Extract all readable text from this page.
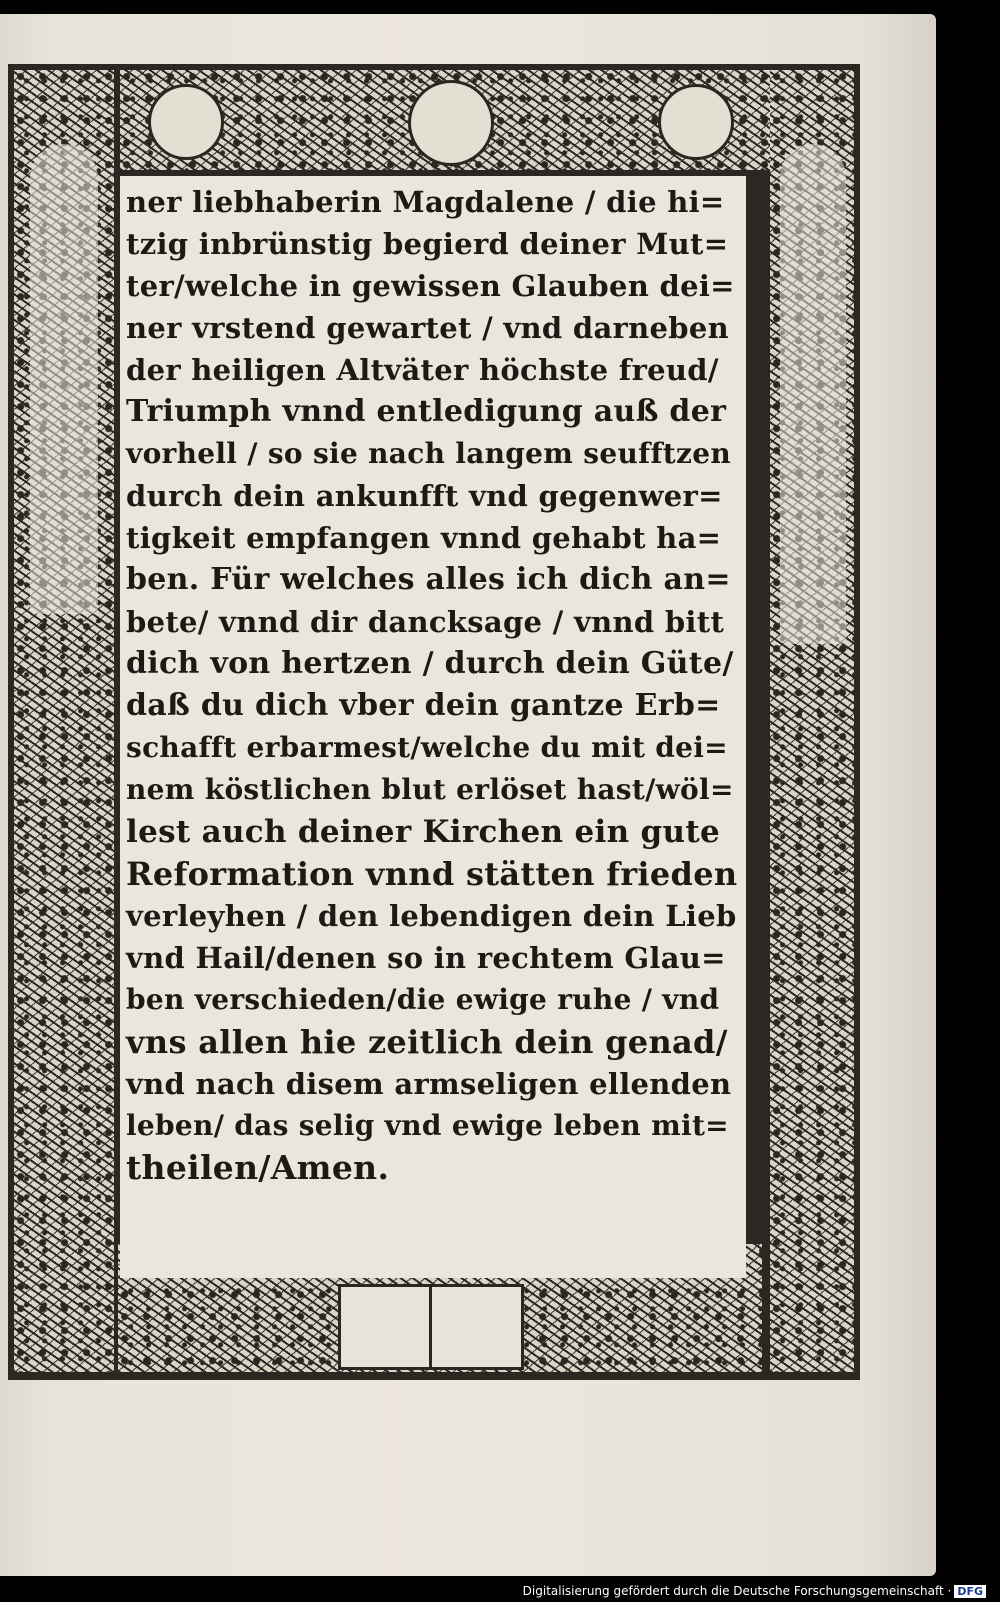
ner liebhaberin Magdalene / die hi=
tzig inbrünstig begierd deiner Mut=
ter/welche in gewissen Glauben dei=
ner vrstend gewartet / vnd darneben
der heiligen Altväter höchste freud/
Triumph vnnd entledigung auß der
vorhell / so sie nach langem seufftzen
durch dein ankunfft vnd gegenwer=
tigkeit empfangen vnnd gehabt ha=
ben. Für welches alles ich dich an=
bete/ vnnd dir dancksage / vnnd bitt
dich von hertzen / durch dein Güte/
daß du dich vber dein gantze Erb=
schafft erbarmest/welche du mit dei=
nem köstlichen blut erlöset hast/wöl=
lest auch deiner Kirchen ein gute
Reformation vnnd stätten frieden
verleyhen / den lebendigen dein Lieb
vnd Hail/denen so in rechtem Glau=
ben verschieden/die ewige ruhe / vnd
vns allen hie zeitlich dein genad/
vnd nach disem armseligen ellenden
leben/ das selig vnd ewige leben mit=
theilen/Amen.
Digitalisierung gefördert durch die Deutsche Forschungsgemeinschaft · DFG
